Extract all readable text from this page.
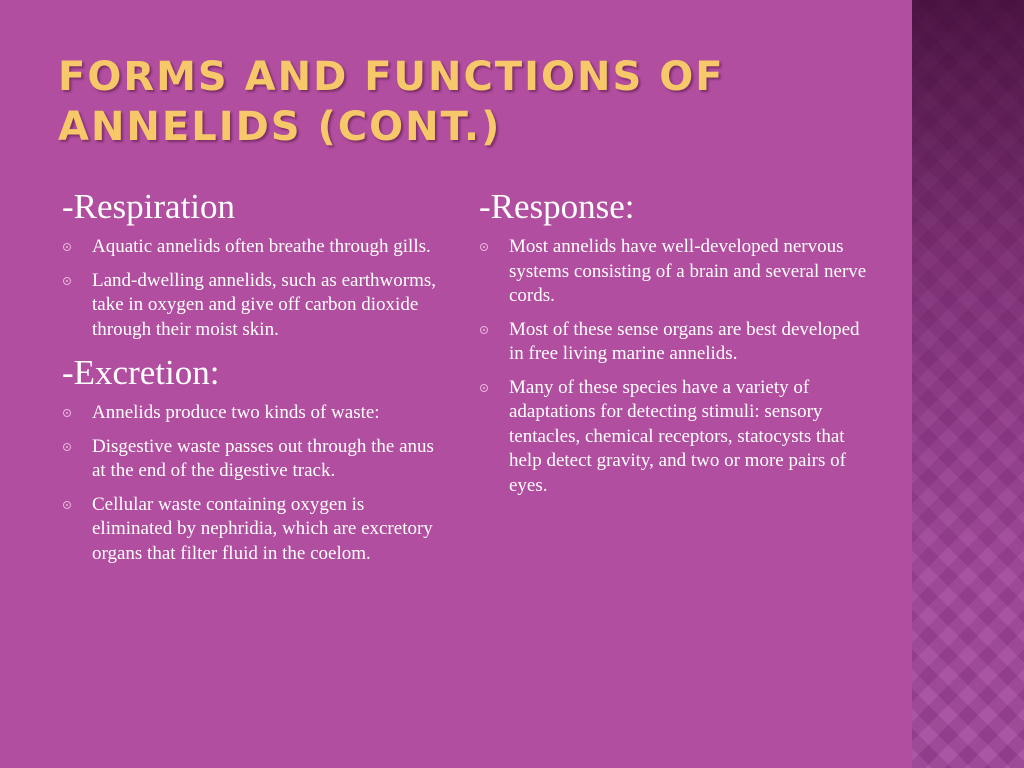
FORMS AND FUNCTIONS OF ANNELIDS (CONT.)
-Respiration
Aquatic annelids often breathe through gills.
Land-dwelling annelids, such as earthworms, take in oxygen and give off carbon dioxide through their moist skin.
-Excretion:
Annelids produce two kinds of waste:
Disgestive waste passes out through the anus at the end of the digestive track.
Cellular waste containing oxygen is eliminated by nephridia, which are excretory organs that filter fluid in the coelom.
-Response:
Most annelids have well-developed nervous systems consisting of a brain and several nerve cords.
Most of these sense organs are best developed in free living marine annelids.
Many of these species have a variety of adaptations for detecting stimuli: sensory tentacles, chemical receptors, statocysts that help detect gravity, and two or more pairs of eyes.
